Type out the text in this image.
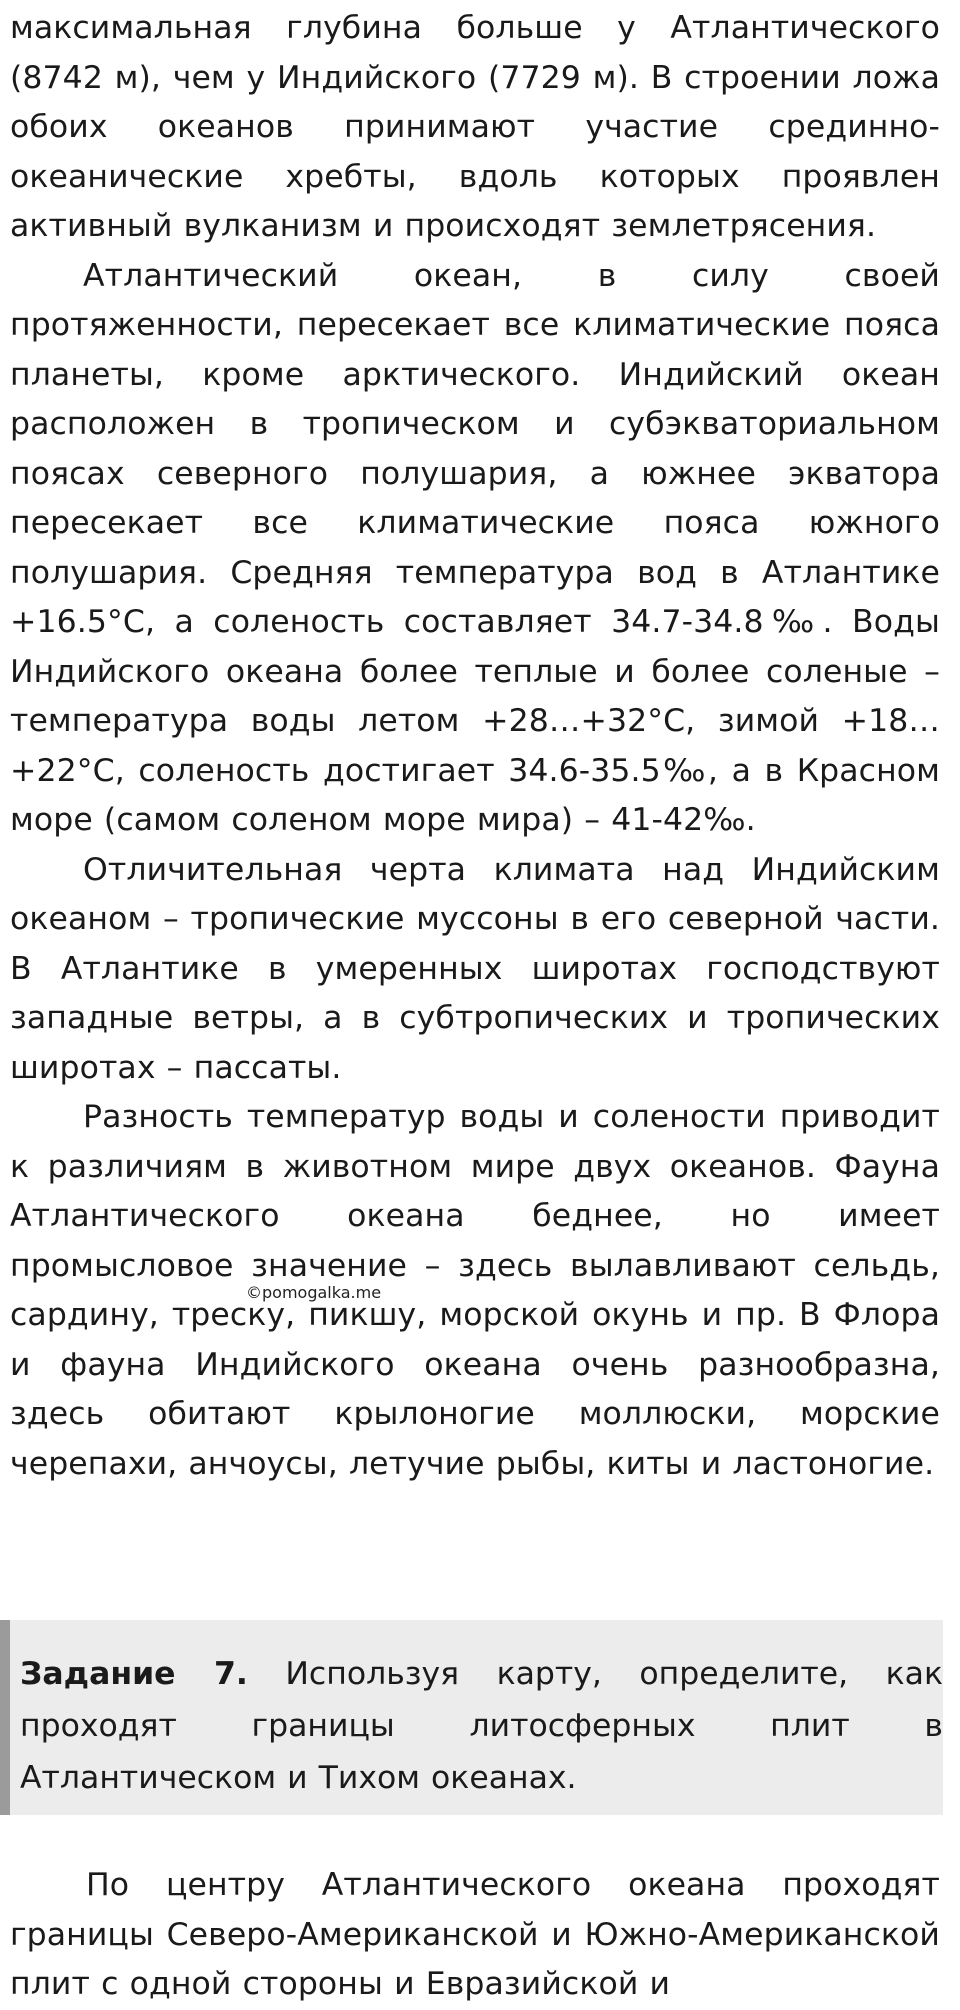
максимальная глубина больше у Атлантического (8742 м), чем у Индийского (7729 м). В строении ложа обоих океанов принимают участие срединно-океанические хребты, вдоль которых проявлен активный вулканизм и происходят землетрясения.

Атлантический океан, в силу своей протяженности, пересекает все климатические пояса планеты, кроме арктического. Индийский океан расположен в тропическом и субэкваториальном поясах северного полушария, а южнее экватора пересекает все климатические пояса южного полушария. Средняя температура вод в Атлантике +16.5°С, а соленость составляет 34.7-34.8‰. Воды Индийского океана более теплые и более соленые – температура воды летом +28…+32°С, зимой +18…+22°С, соленость достигает 34.6-35.5‰, а в Красном море (самом соленом море мира) – 41-42‰.

Отличительная черта климата над Индийским океаном – тропические муссоны в его северной части. В Атлантике в умеренных широтах господствуют западные ветры, а в субтропических и тропических широтах – пассаты.

Разность температур воды и солености приводит к различиям в животном мире двух океанов. Фауна Атлантического океана беднее, но имеет промысловое значение – здесь вылавливают сельдь, сардину, треску, пикшу, морской окунь и пр. В Флора и фауна Индийского океана очень разнообразна, здесь обитают крылоногие моллюски, морские черепахи, анчоусы, летучие рыбы, киты и ластоногие.

©pomogalka.me

Задание 7. Используя карту, определите, как проходят границы литосферных плит в Атлантическом и Тихом океанах.

По центру Атлантического океана проходят границы Северо-Американской и Южно-Американской плит с одной стороны и Евразийской и
